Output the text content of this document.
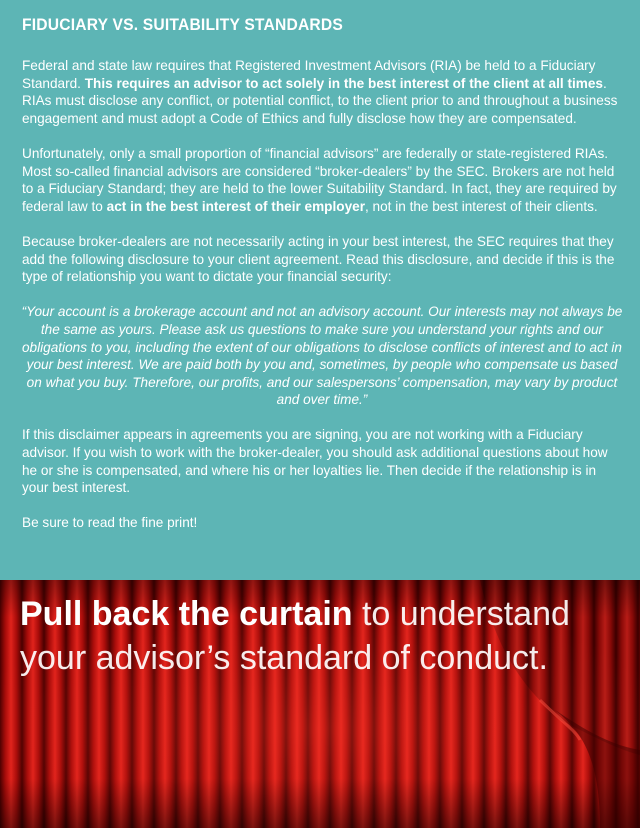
FIDUCIARY VS. SUITABILITY STANDARDS

Federal and state law requires that Registered Investment Advisors (RIA) be held to a Fiduciary Standard. This requires an advisor to act solely in the best interest of the client at all times. RIAs must disclose any conflict, or potential conflict, to the client prior to and throughout a business engagement and must adopt a Code of Ethics and fully disclose how they are compensated.

Unfortunately, only a small proportion of “financial advisors” are federally or state-registered RIAs. Most so-called financial advisors are considered “broker-dealers” by the SEC. Brokers are not held to a Fiduciary Standard; they are held to the lower Suitability Standard. In fact, they are required by federal law to act in the best interest of their employer, not in the best interest of their clients.

Because broker-dealers are not necessarily acting in your best interest, the SEC requires that they add the following disclosure to your client agreement. Read this disclosure, and decide if this is the type of relationship you want to dictate your financial security:

“Your account is a brokerage account and not an advisory account. Our interests may not always be the same as yours. Please ask us questions to make sure you understand your rights and our obligations to you, including the extent of our obligations to disclose conflicts of interest and to act in your best interest. We are paid both by you and, sometimes, by people who compensate us based on what you buy. Therefore, our profits, and our salespersons’ compensation, may vary by product and over time.”

If this disclaimer appears in agreements you are signing, you are not working with a Fiduciary advisor. If you wish to work with the broker-dealer, you should ask additional questions about how he or she is compensated, and where his or her loyalties lie. Then decide if the relationship is in your best interest.

Be sure to read the fine print!

Pull back the curtain to understand your advisor’s standard of conduct.
